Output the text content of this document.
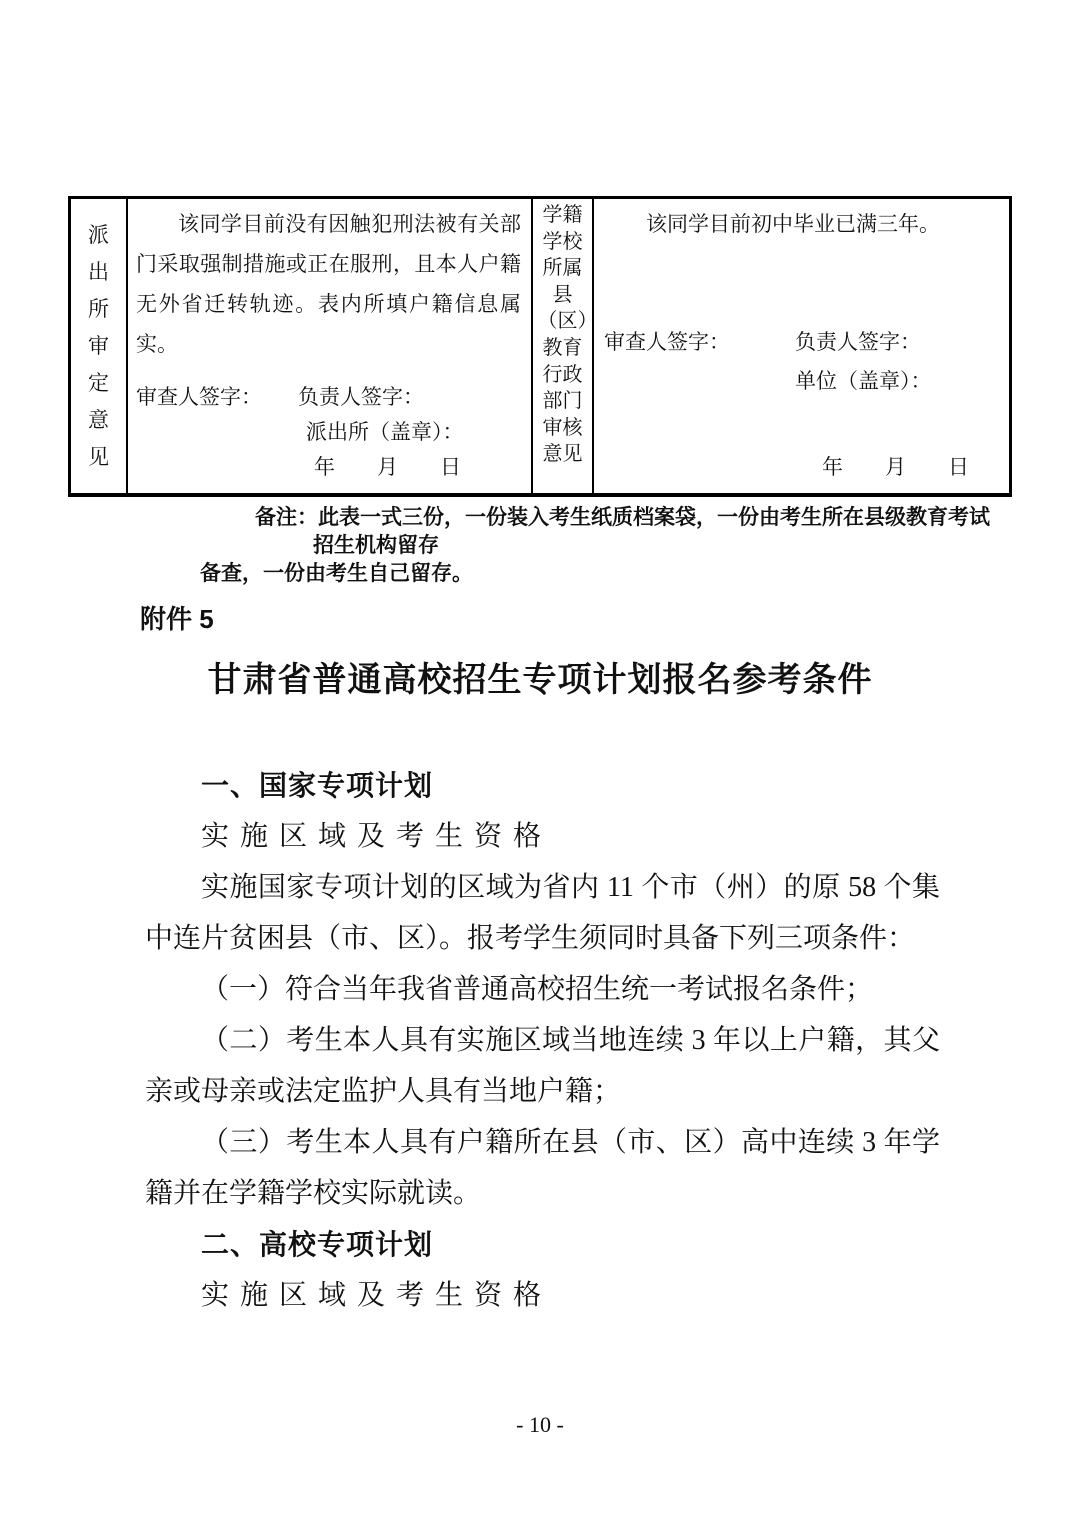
派出所审定意见
该同学目前没有因触犯刑法被有关部门采取强制措施或正在服刑，且本人户籍无外省迁转轨迹。表内所填户籍信息属实。
审查人签字：	负责人签字：
派出所（盖章）：
年　　月　　日
学籍学校所属县（区）教育行政部门审核意见
该同学目前初中毕业已满三年。
审查人签字：	负责人签字：
单位（盖章）：
年　　月　　日
备注：此表一式三份，一份装入考生纸质档案袋，一份由考生所在县级教育考试
招生机构留存
备查，一份由考生自己留存。
附件 5
甘肃省普通高校招生专项计划报名参考条件
一、国家专项计划
实施区域及考生资格
实施国家专项计划的区域为省内 11 个市（州）的原 58 个集中连片贫困县（市、区）。报考学生须同时具备下列三项条件：
（一）符合当年我省普通高校招生统一考试报名条件；
（二）考生本人具有实施区域当地连续 3 年以上户籍，其父亲或母亲或法定监护人具有当地户籍；
（三）考生本人具有户籍所在县（市、区）高中连续 3 年学籍并在学籍学校实际就读。
二、高校专项计划
实施区域及考生资格
- 10 -
